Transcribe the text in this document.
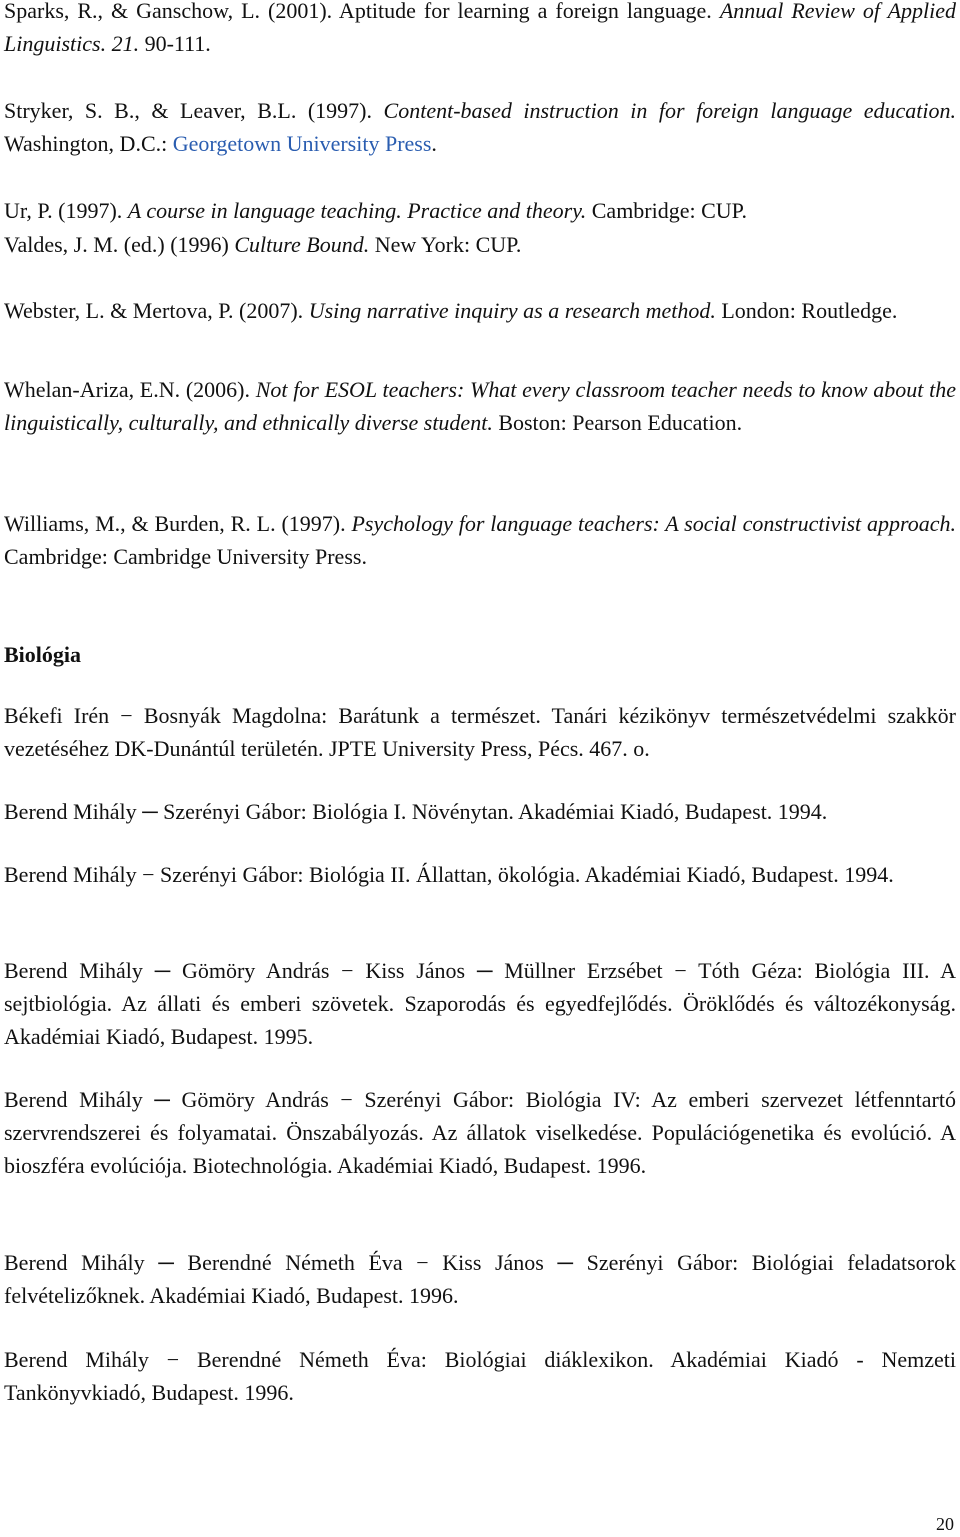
Sparks, R., & Ganschow, L. (2001). Aptitude for learning a foreign language. Annual Review of Applied Linguistics. 21. 90-111.

Stryker, S. B., & Leaver, B.L. (1997). Content-based instruction in for foreign language education. Washington, D.C.: Georgetown University Press.

Ur, P. (1997). A course in language teaching. Practice and theory. Cambridge: CUP.

Valdes, J. M. (ed.) (1996) Culture Bound. New York: CUP.

Webster, L. & Mertova, P. (2007). Using narrative inquiry as a research method. London: Routledge.

Whelan-Ariza, E.N. (2006). Not for ESOL teachers: What every classroom teacher needs to know about the linguistically, culturally, and ethnically diverse student. Boston: Pearson Education.

Williams, M., & Burden, R. L. (1997). Psychology for language teachers: A social constructivist approach. Cambridge: Cambridge University Press.

Biológia

Békefi Irén − Bosnyák Magdolna: Barátunk a természet. Tanári kézikönyv természetvédelmi szakkör vezetéséhez DK-Dunántúl területén. JPTE University Press, Pécs. 467. o.

Berend Mihály ─ Szerényi Gábor: Biológia I. Növénytan. Akadémiai Kiadó, Budapest. 1994.

Berend Mihály − Szerényi Gábor: Biológia II. Állattan, ökológia. Akadémiai Kiadó, Budapest. 1994.

Berend Mihály ─ Gömöry András − Kiss János ─ Müllner Erzsébet − Tóth Géza: Biológia III. A sejtbiológia. Az állati és emberi szövetek. Szaporodás és egyedfejlődés. Öröklődés és változékonyság. Akadémiai Kiadó, Budapest. 1995.

Berend Mihály ─ Gömöry András − Szerényi Gábor: Biológia IV: Az emberi szervezet létfenntartó szervrendszerei és folyamatai. Önszabályozás. Az állatok viselkedése. Populációgenetika és evolúció. A bioszféra evolúciója. Biotechnológia. Akadémiai Kiadó, Budapest. 1996.

Berend Mihály ─ Berendné Németh Éva − Kiss János ─ Szerényi Gábor: Biológiai feladatsorok felvételizőknek. Akadémiai Kiadó, Budapest. 1996.

Berend Mihály − Berendné Németh Éva: Biológiai diáklexikon. Akadémiai Kiadó - Nemzeti Tankönyvkiadó, Budapest. 1996.

20
